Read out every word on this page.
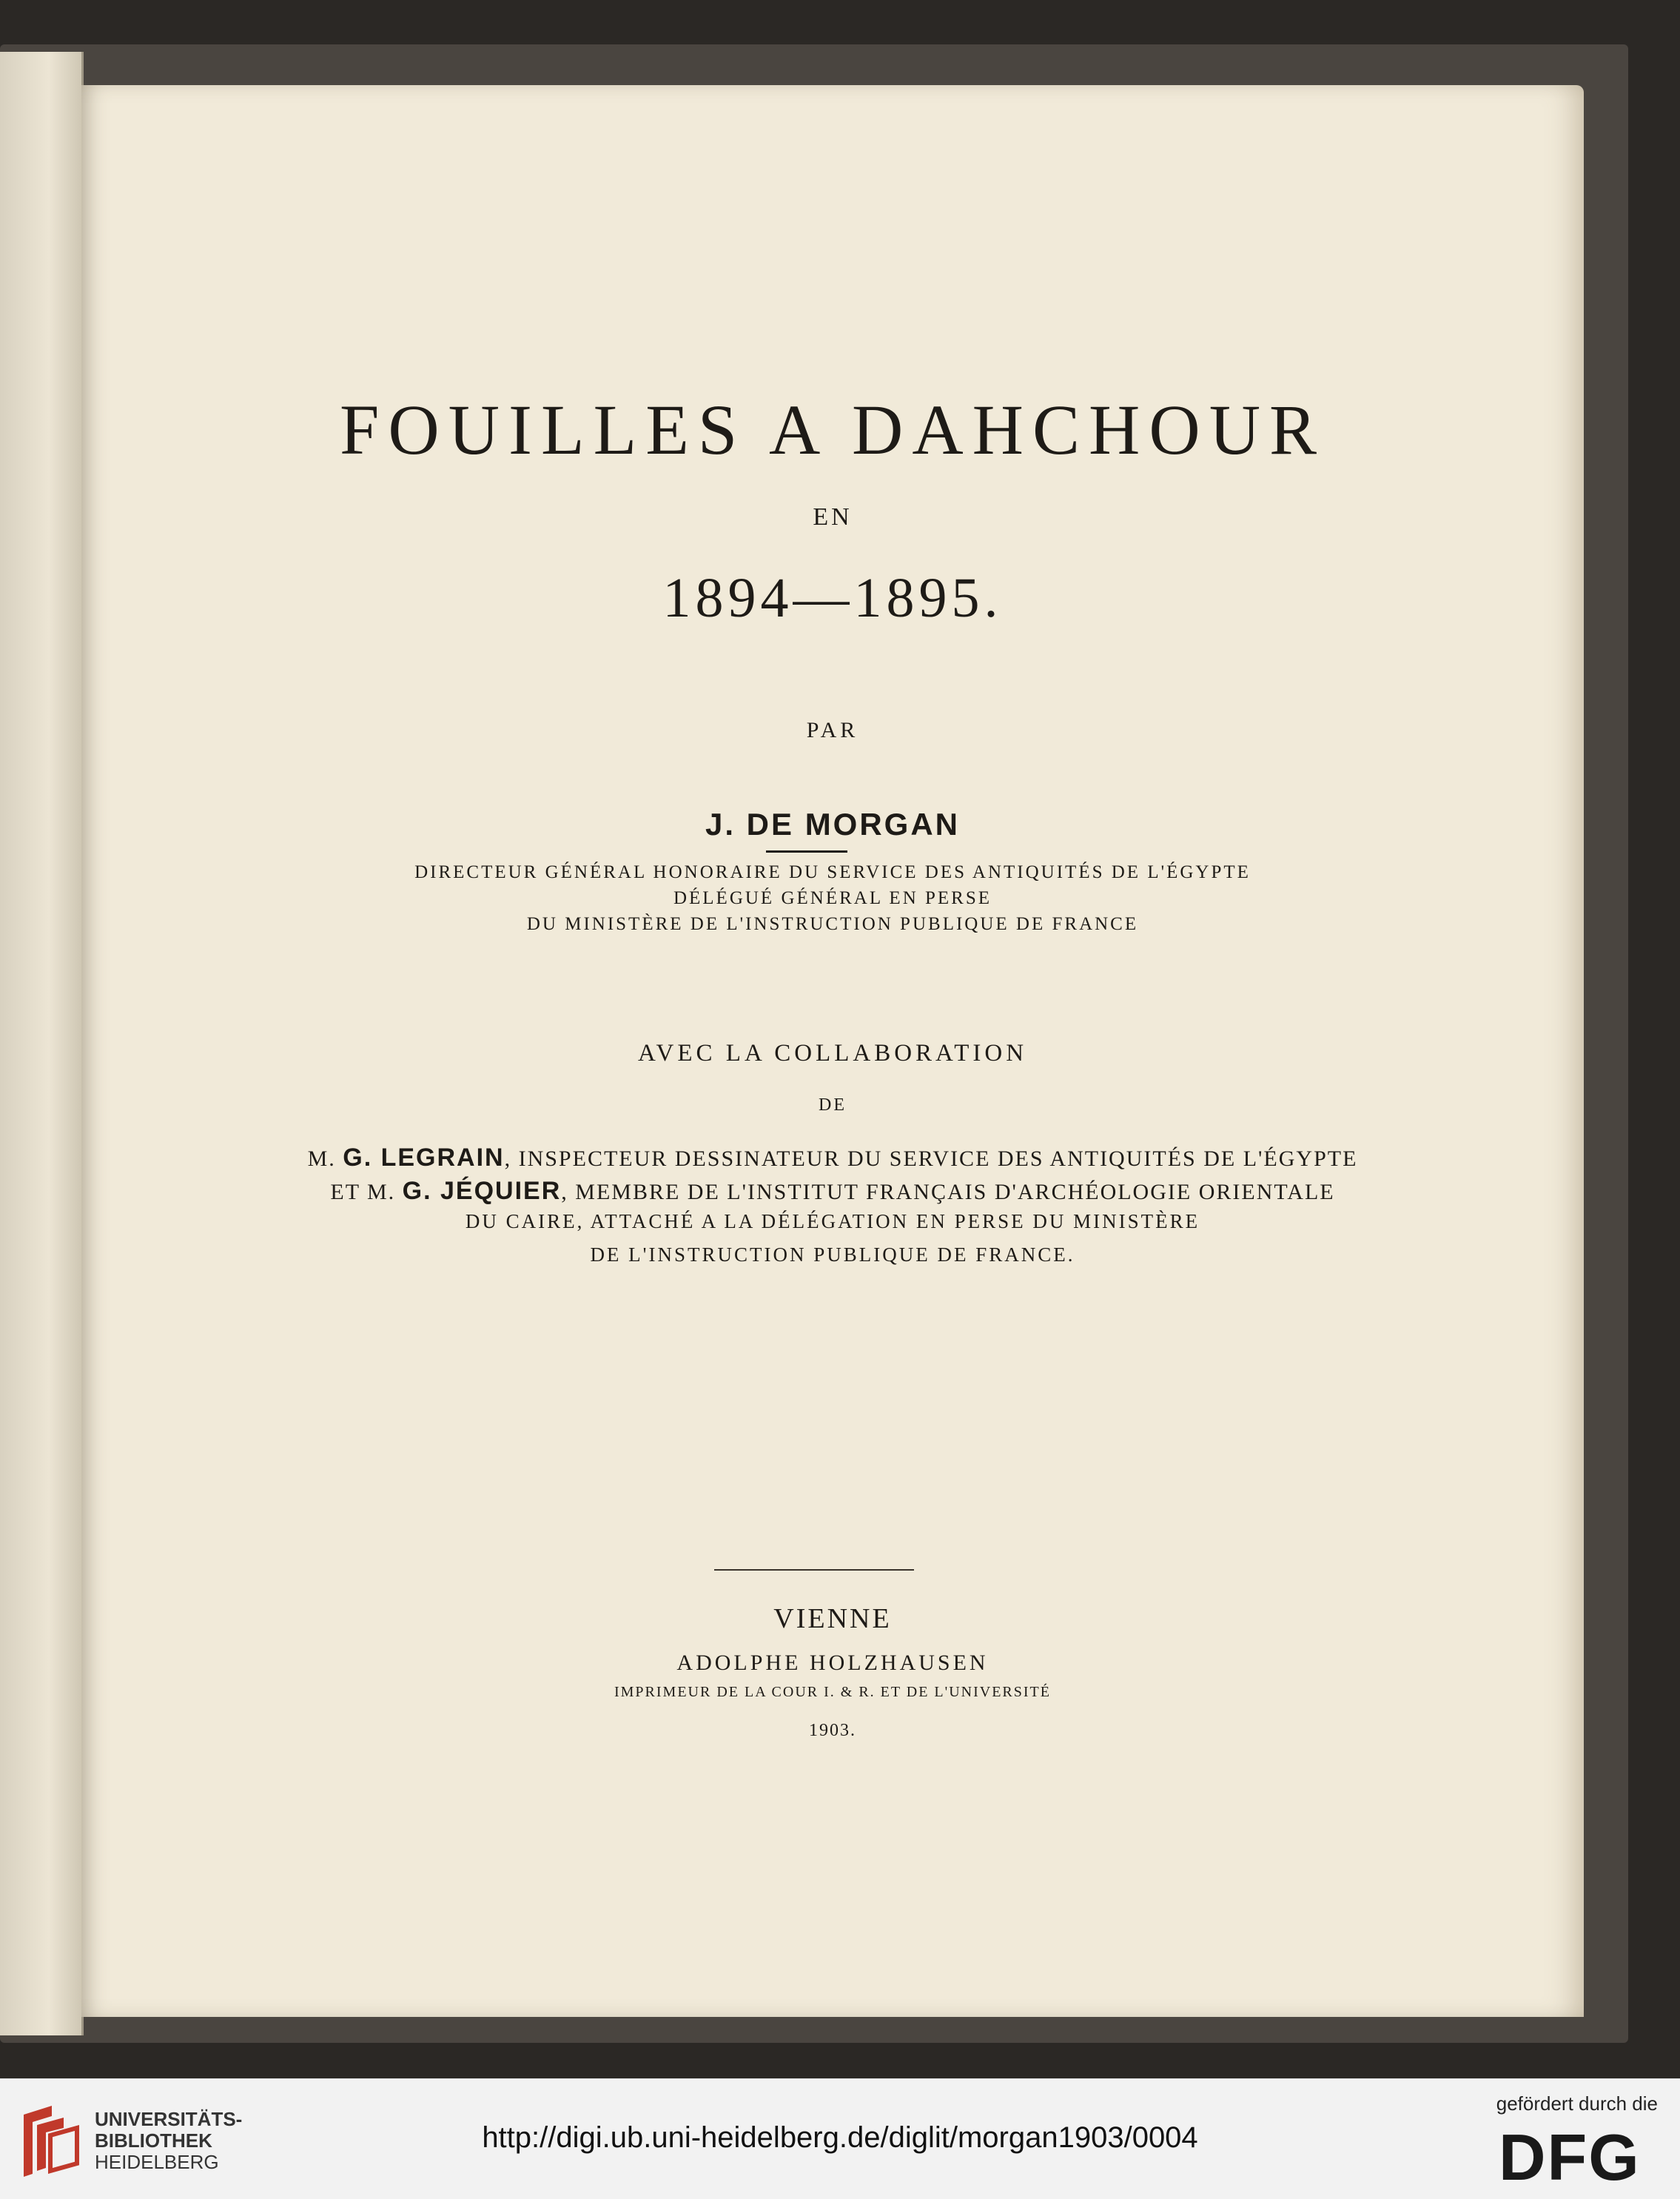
FOUILLES A DAHCHOUR
EN
1894—1895.
PAR
J. DE MORGAN
DIRECTEUR GÉNÉRAL HONORAIRE DU SERVICE DES ANTIQUITÉS DE L'ÉGYPTE
DÉLÉGUÉ GÉNÉRAL EN PERSE
DU MINISTÈRE DE L'INSTRUCTION PUBLIQUE DE FRANCE
AVEC LA COLLABORATION
DE
M. G. LEGRAIN, INSPECTEUR DESSINATEUR DU SERVICE DES ANTIQUITÉS DE L'ÉGYPTE
ET M. G. JÉQUIER, MEMBRE DE L'INSTITUT FRANÇAIS D'ARCHÉOLOGIE ORIENTALE
DU CAIRE, ATTACHÉ A LA DÉLÉGATION EN PERSE DU MINISTÈRE
DE L'INSTRUCTION PUBLIQUE DE FRANCE.
VIENNE
ADOLPHE HOLZHAUSEN
IMPRIMEUR DE LA COUR I. & R. ET DE L'UNIVERSITÉ
1903.
UNIVERSITÄTS-
BIBLIOTHEK
HEIDELBERG
http://digi.ub.uni-heidelberg.de/diglit/morgan1903/0004
gefördert durch die
DFG
